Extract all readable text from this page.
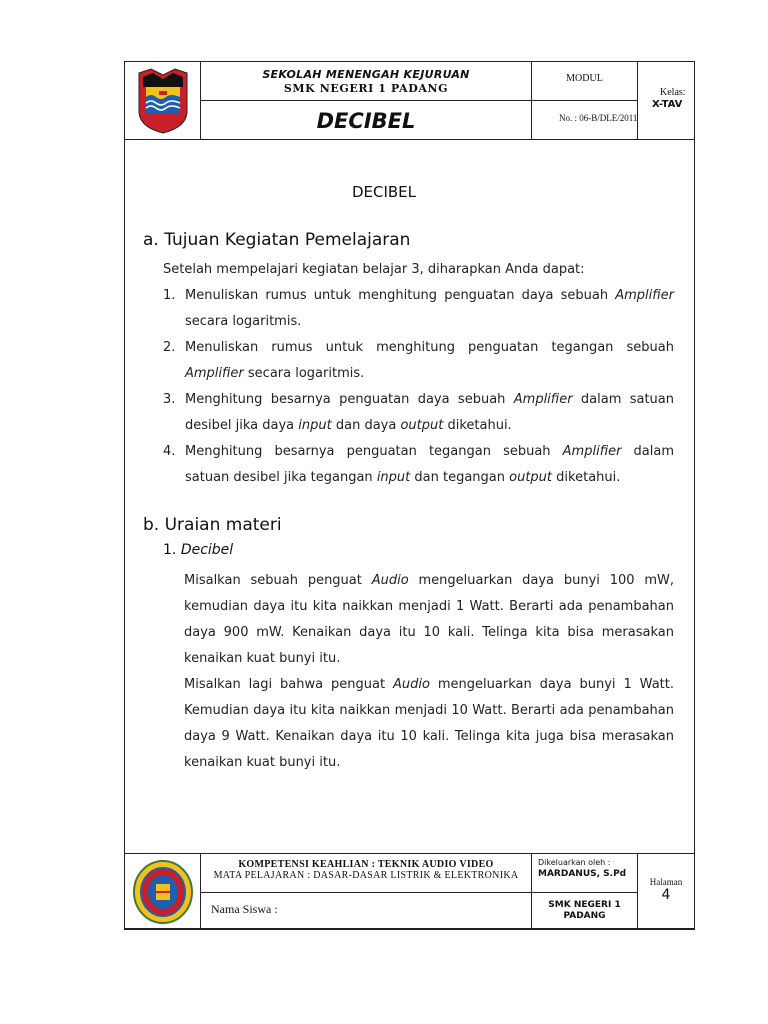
SEKOLAH MENENGAH KEJURUAN
SMK NEGERI 1 PADANG
DECIBEL
MODUL
No. : 06-B/DLE/2011
Kelas:
X-TAV
DECIBEL
a. Tujuan Kegiatan Pemelajaran
Setelah mempelajari kegiatan belajar 3, diharapkan Anda dapat:
1. Menuliskan rumus untuk menghitung penguatan daya sebuah Amplifier secara logaritmis.
2. Menuliskan rumus untuk menghitung penguatan tegangan sebuah Amplifier secara logaritmis.
3. Menghitung besarnya penguatan daya sebuah Amplifier dalam satuan desibel jika daya input dan daya output diketahui.
4. Menghitung besarnya penguatan tegangan sebuah Amplifier dalam satuan desibel jika tegangan input dan tegangan output diketahui.
b. Uraian materi
1. Decibel

Misalkan sebuah penguat Audio mengeluarkan daya bunyi 100 mW, kemudian daya itu kita naikkan menjadi 1 Watt. Berarti ada penambahan daya 900 mW. Kenaikan daya itu 10 kali. Telinga kita bisa merasakan kenaikan kuat bunyi itu.

Misalkan lagi bahwa penguat Audio mengeluarkan daya bunyi 1 Watt. Kemudian daya itu kita naikkan menjadi 10 Watt. Berarti ada penambahan daya 9 Watt. Kenaikan daya itu 10 kali. Telinga kita juga bisa merasakan kenaikan kuat bunyi itu.

KOMPETENSI KEAHLIAN : TEKNIK AUDIO VIDEO
MATA PELAJARAN : DASAR-DASAR LISTRIK & ELEKTRONIKA
Nama Siswa :
Dikeluarkan oleh :
MARDANUS, S.Pd
SMK NEGERI 1
PADANG
Halaman
4
